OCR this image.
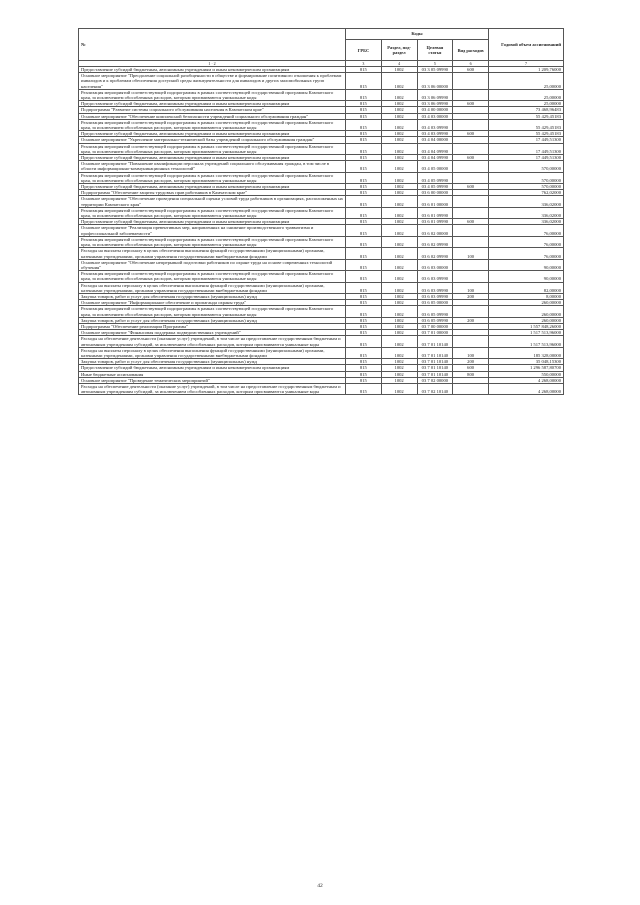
№	Коды				Годовой объем ассигнований
	ГРБС	Раздел, под-раздел	Целевая статья	Вид расходов	
1 · 2	3	4	5	6	7
Предоставление субсидий бюджетным, автономным учреждениям и иным некоммерческим организациям	815	1002	03 3 05 09990	600	1 209,76000
Основное мероприятие "Преодоление социальной разобщенности в обществе и формирование позитивного отношения к проблемам инвалидов и к проблемам обеспечения доступной среды жизнедеятельности для инвалидов и других маломобильных групп населения"	815	1002	03 3 06 00000		25,00000
Реализация мероприятий соответствующей подпрограммы в рамках соответствующей государственной программы Камчатского края, за исключением обособленных расходов, которым присваиваются уникальные коды	815	1002	03 3 06 09990		25,00000
Предоставление субсидий бюджетным, автономным учреждениям и иным некоммерческим организациям	815	1002	03 3 06 09990	600	25,00000
Подпрограмма "Развитие системы социального обслуживания населения в Камчатском крае"	815	1002	03 4 00 00000		73 468,96483
Основное мероприятие "Обеспечение комплексной безопасности учреждений социального обслуживания граждан"	815	1002	03 4 03 00000		55 429,45183
Реализация мероприятий соответствующей подпрограммы в рамках соответствующей государственной программы Камчатского края, за исключением обособленных расходов, которым присваиваются уникальные коды	815	1002	03 4 03 09990		55 429,45183
Предоставление субсидий бюджетным, автономным учреждениям и иным некоммерческим организациям	815	1002	03 4 03 09990	600	55 429,45183
Основное мероприятие "Укрепление материально-технической базы учреждений социального обслуживания граждан"	815	1002	03 4 04 00000		17 449,51300
Реализация мероприятий соответствующей подпрограммы в рамках соответствующей государственной программы Камчатского края, за исключением обособленных расходов, которым присваиваются уникальные коды	815	1002	03 4 04 09990		17 449,51300
Предоставление субсидий бюджетным, автономным учреждениям и иным некоммерческим организациям	815	1002	03 4 04 09990	600	17 449,51300
Основное мероприятие "Повышение квалификации персонала учреждений социального обслуживания граждан, в том числе в области информационно-коммуникационных технологий"	815	1002	03 4 05 00000		570,00000
Реализация мероприятий соответствующей подпрограммы в рамках соответствующей государственной программы Камчатского края, за исключением обособленных расходов, которым присваиваются уникальные коды	815	1002	03 4 05 09990		570,00000
Предоставление субсидий бюджетным, автономным учреждениям и иным некоммерческим организациям	815	1002	03 4 05 09990	600	570,00000
Подпрограмма "Обеспечение защиты трудовых прав работников в Камчатском крае"	815	1002	03 6 00 00000		762,02000
Основное мероприятие "Обеспечение проведения специальной оценки условий труда работников в организациях, расположенных на территории Камчатского края"	815	1002	03 6 01 00000		336,02000
Реализация мероприятий соответствующей подпрограммы в рамках соответствующей государственной программы Камчатского края, за исключением обособленных расходов, которым присваиваются уникальные коды	815	1002	03 6 01 09990		336,02000
Предоставление субсидий бюджетным, автономным учреждениям и иным некоммерческим организациям	815	1002	03 6 01 09990	600	336,02000
Основное мероприятие "Реализация превентивных мер, направленных на снижение производственного травматизма и профессиональной заболеваемости"	815	1002	03 6 02 00000		76,00000
Реализация мероприятий соответствующей подпрограммы в рамках соответствующей государственной программы Камчатского края, за исключением обособленных расходов, которым присваиваются уникальные коды	815	1002	03 6 02 09990		76,00000
Расходы на выплаты персоналу в целях обеспечения выполнения функций государственными (муниципальными) органами, казенными учреждениями, органами управления государственными внебюджетными фондами	815	1002	03 6 02 09990	100	76,00000
Основное мероприятие "Обеспечение непрерывной подготовки работников по охране труда на основе современных технологий обучения"	815	1002	03 6 03 00000		90,00000
Реализация мероприятий соответствующей подпрограммы в рамках соответствующей государственной программы Камчатского края, за исключением обособленных расходов, которым присваиваются уникальные коды	815	1002	03 6 03 09990		90,00000
Расходы на выплаты персоналу в целях обеспечения выполнения функций государственными (муниципальными) органами, казенными учреждениями, органами управления государственными внебюджетными фондами	815	1002	03 6 03 09990	100	82,00000
Закупка товаров, работ и услуг для обеспечения государственных (муниципальных) нужд	815	1002	03 6 03 09990	200	8,00000
Основное мероприятие "Информационное обеспечение и пропаганда охраны труда"	815	1002	03 6 05 00000		260,00000
Реализация мероприятий соответствующей подпрограммы в рамках соответствующей государственной программы Камчатского края, за исключением обособленных расходов, которым присваиваются уникальные коды	815	1002	03 6 05 09990		260,00000
Закупка товаров, работ и услуг для обеспечения государственных (муниципальных) нужд	815	1002	03 6 05 09990	200	260,00000
Подпрограмма "Обеспечение реализации Программы"	815	1002	03 7 00 00000		1 557 848,26000
Основное мероприятие "Финансовая поддержка подведомственных учреждений"	815	1002	03 7 01 00000		1 517 513,96000
Расходы на обеспечение деятельности (оказание услуг) учреждений, в том числе на предоставление государственным бюджетным и автономным учреждениям субсидий, за исключением обособленных расходов, которым присваиваются уникальные коды	815	1002	03 7 01 10140		1 517 513,96000
Расходы на выплаты персоналу в целях обеспечения выполнения функций государственными (муниципальными) органами, казенными учреждениями, органами управления государственными внебюджетными фондами	815	1002	03 7 01 10140	100	185 328,00000
Закупка товаров, работ и услуг для обеспечения государственных (муниципальных) нужд	815	1002	03 7 01 10140	200	35 048,15300
Предоставление субсидий бюджетным, автономным учреждениям и иным некоммерческим организациям	815	1002	03 7 01 10140	600	1 296 587,80700
Иные бюджетные ассигнования	815	1002	03 7 01 10140	800	550,00000
Основное мероприятие "Проведение тематических мероприятий"	815	1002	03 7 02 00000		4 268,00000
Расходы на обеспечение деятельности (оказание услуг) учреждений, в том числе на предоставление государственным бюджетным и автономным учреждениям субсидий, за исключением обособленных расходов, которым присваиваются уникальные коды	815	1002	03 7 02 10140		4 268,00000
42
